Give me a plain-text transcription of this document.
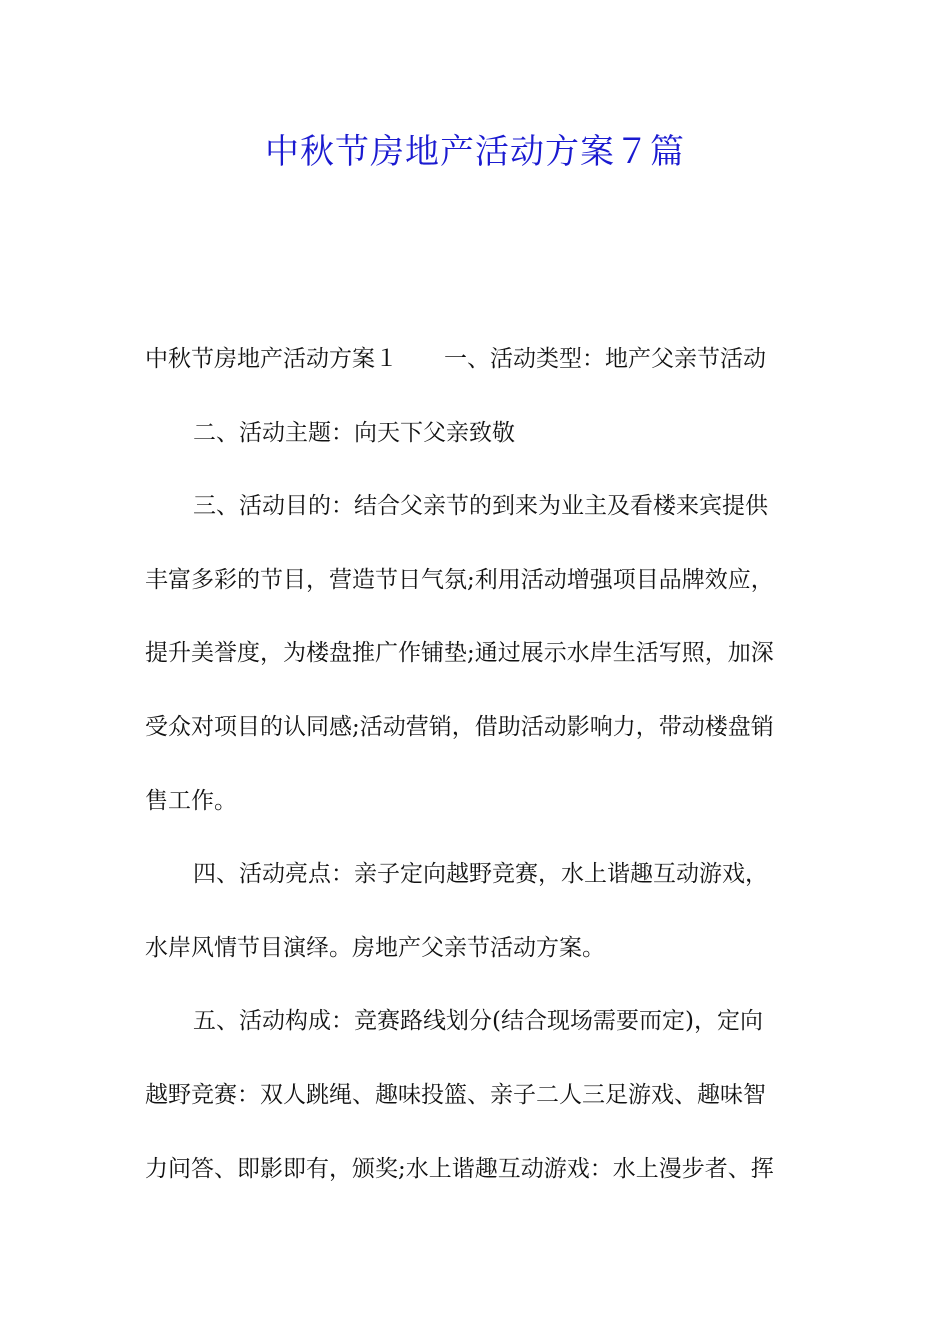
中秋节房地产活动方案７篇
中秋节房地产活动方案１ 一、活动类型：地产父亲节活动
二、活动主题：向天下父亲致敬
三、活动目的：结合父亲节的到来为业主及看楼来宾提供
丰富多彩的节目，营造节日气氛;利用活动增强项目品牌效应，
提升美誉度，为楼盘推广作铺垫;通过展示水岸生活写照，加深
受众对项目的认同感;活动营销，借助活动影响力，带动楼盘销
售工作。
四、活动亮点：亲子定向越野竞赛，水上谐趣互动游戏，
水岸风情节目演绎。房地产父亲节活动方案。
五、活动构成：竞赛路线划分(结合现场需要而定)，定向
越野竞赛：双人跳绳、趣味投篮、亲子二人三足游戏、趣味智
力问答、即影即有，颁奖;水上谐趣互动游戏：水上漫步者、挥
